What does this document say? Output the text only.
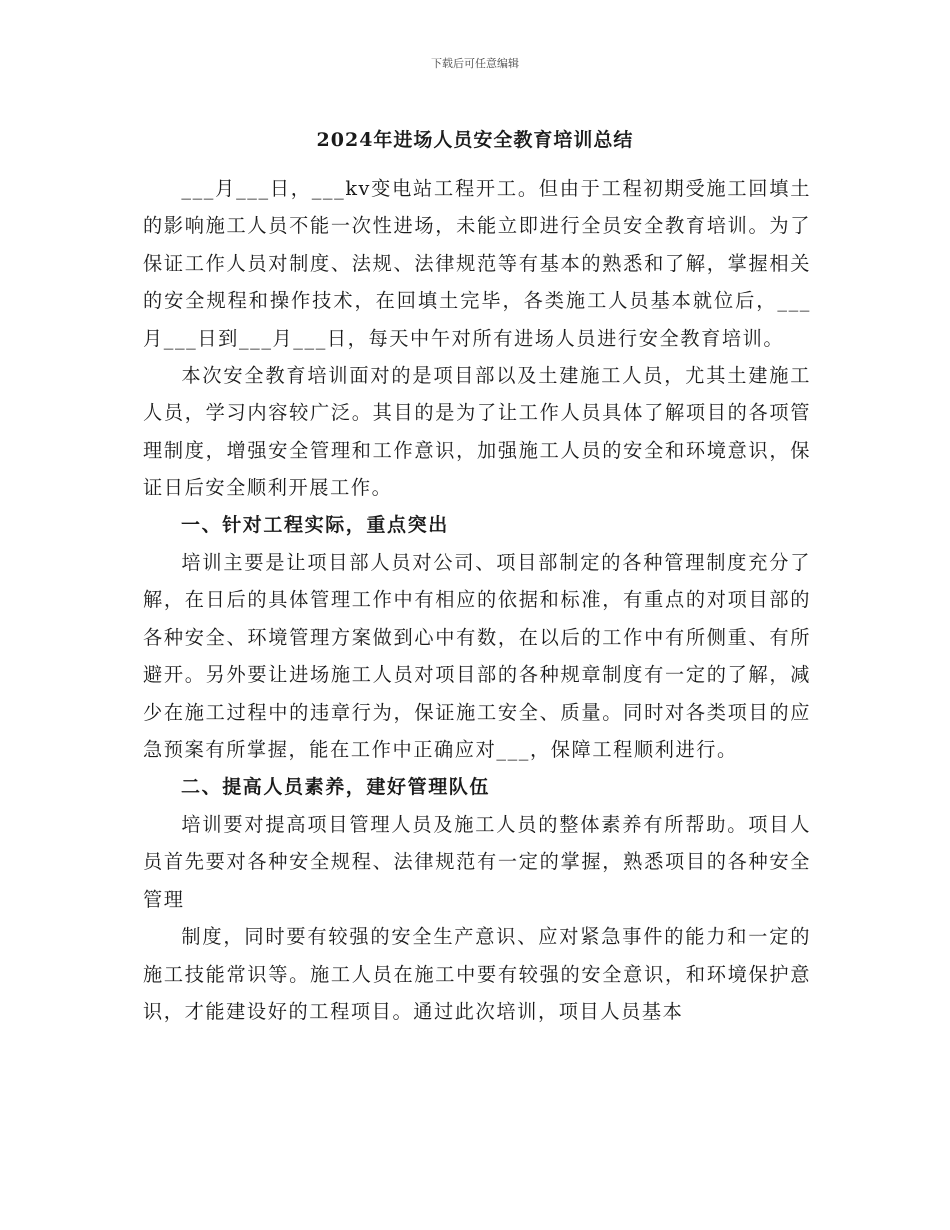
下载后可任意编辑
2024年进场人员安全教育培训总结

___月___日，___kv变电站工程开工。但由于工程初期受施工回填土的影响施工人员不能一次性进场，未能立即进行全员安全教育培训。为了保证工作人员对制度、法规、法律规范等有基本的熟悉和了解，掌握相关的安全规程和操作技术，在回填土完毕，各类施工人员基本就位后，___月___日到___月___日，每天中午对所有进场人员进行安全教育培训。

本次安全教育培训面对的是项目部以及土建施工人员，尤其土建施工人员，学习内容较广泛。其目的是为了让工作人员具体了解项目的各项管理制度，增强安全管理和工作意识，加强施工人员的安全和环境意识，保证日后安全顺利开展工作。

一、针对工程实际，重点突出

培训主要是让项目部人员对公司、项目部制定的各种管理制度充分了解，在日后的具体管理工作中有相应的依据和标准，有重点的对项目部的各种安全、环境管理方案做到心中有数，在以后的工作中有所侧重、有所避开。另外要让进场施工人员对项目部的各种规章制度有一定的了解，减少在施工过程中的违章行为，保证施工安全、质量。同时对各类项目的应急预案有所掌握，能在工作中正确应对___，保障工程顺利进行。

二、提高人员素养，建好管理队伍

培训要对提高项目管理人员及施工人员的整体素养有所帮助。项目人员首先要对各种安全规程、法律规范有一定的掌握，熟悉项目的各种安全管理

制度，同时要有较强的安全生产意识、应对紧急事件的能力和一定的施工技能常识等。施工人员在施工中要有较强的安全意识，和环境保护意识，才能建设好的工程项目。通过此次培训，项目人员基本
